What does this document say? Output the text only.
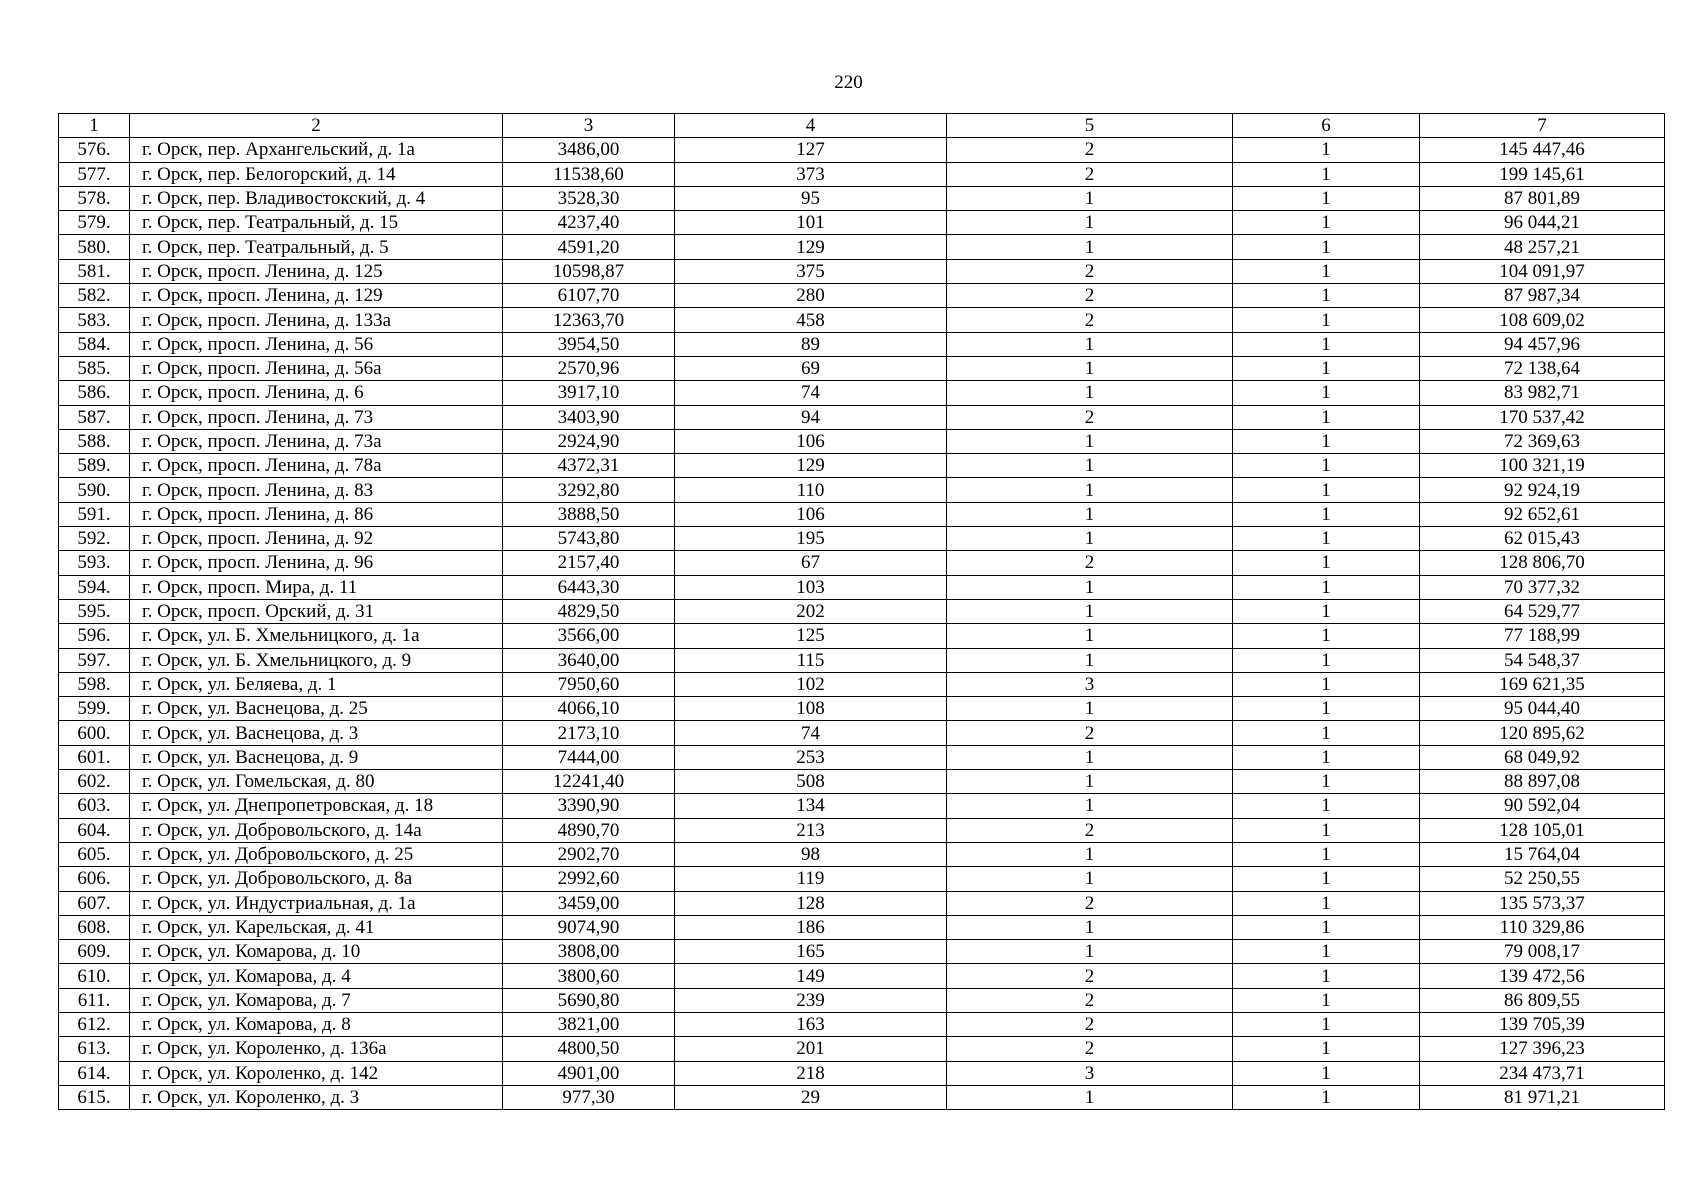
220
1	2	3	4	5	6	7
576.	г. Орск, пер. Архангельский, д. 1а	3486,00	127	2	1	145 447,46
577.	г. Орск, пер. Белогорский, д. 14	11538,60	373	2	1	199 145,61
578.	г. Орск, пер. Владивостокский, д. 4	3528,30	95	1	1	87 801,89
579.	г. Орск, пер. Театральный, д. 15	4237,40	101	1	1	96 044,21
580.	г. Орск, пер. Театральный, д. 5	4591,20	129	1	1	48 257,21
581.	г. Орск, просп. Ленина, д. 125	10598,87	375	2	1	104 091,97
582.	г. Орск, просп. Ленина, д. 129	6107,70	280	2	1	87 987,34
583.	г. Орск, просп. Ленина, д. 133а	12363,70	458	2	1	108 609,02
584.	г. Орск, просп. Ленина, д. 56	3954,50	89	1	1	94 457,96
585.	г. Орск, просп. Ленина, д. 56а	2570,96	69	1	1	72 138,64
586.	г. Орск, просп. Ленина, д. 6	3917,10	74	1	1	83 982,71
587.	г. Орск, просп. Ленина, д. 73	3403,90	94	2	1	170 537,42
588.	г. Орск, просп. Ленина, д. 73а	2924,90	106	1	1	72 369,63
589.	г. Орск, просп. Ленина, д. 78а	4372,31	129	1	1	100 321,19
590.	г. Орск, просп. Ленина, д. 83	3292,80	110	1	1	92 924,19
591.	г. Орск, просп. Ленина, д. 86	3888,50	106	1	1	92 652,61
592.	г. Орск, просп. Ленина, д. 92	5743,80	195	1	1	62 015,43
593.	г. Орск, просп. Ленина, д. 96	2157,40	67	2	1	128 806,70
594.	г. Орск, просп. Мира, д. 11	6443,30	103	1	1	70 377,32
595.	г. Орск, просп. Орский, д. 31	4829,50	202	1	1	64 529,77
596.	г. Орск, ул. Б. Хмельницкого, д. 1а	3566,00	125	1	1	77 188,99
597.	г. Орск, ул. Б. Хмельницкого, д. 9	3640,00	115	1	1	54 548,37
598.	г. Орск, ул. Беляева, д. 1	7950,60	102	3	1	169 621,35
599.	г. Орск, ул. Васнецова, д. 25	4066,10	108	1	1	95 044,40
600.	г. Орск, ул. Васнецова, д. 3	2173,10	74	2	1	120 895,62
601.	г. Орск, ул. Васнецова, д. 9	7444,00	253	1	1	68 049,92
602.	г. Орск, ул. Гомельская, д. 80	12241,40	508	1	1	88 897,08
603.	г. Орск, ул. Днепропетровская, д. 18	3390,90	134	1	1	90 592,04
604.	г. Орск, ул. Добровольского, д. 14а	4890,70	213	2	1	128 105,01
605.	г. Орск, ул. Добровольского, д. 25	2902,70	98	1	1	15 764,04
606.	г. Орск, ул. Добровольского, д. 8а	2992,60	119	1	1	52 250,55
607.	г. Орск, ул. Индустриальная, д. 1а	3459,00	128	2	1	135 573,37
608.	г. Орск, ул. Карельская, д. 41	9074,90	186	1	1	110 329,86
609.	г. Орск, ул. Комарова, д. 10	3808,00	165	1	1	79 008,17
610.	г. Орск, ул. Комарова, д. 4	3800,60	149	2	1	139 472,56
611.	г. Орск, ул. Комарова, д. 7	5690,80	239	2	1	86 809,55
612.	г. Орск, ул. Комарова, д. 8	3821,00	163	2	1	139 705,39
613.	г. Орск, ул. Короленко, д. 136а	4800,50	201	2	1	127 396,23
614.	г. Орск, ул. Короленко, д. 142	4901,00	218	3	1	234 473,71
615.	г. Орск, ул. Короленко, д. 3	977,30	29	1	1	81 971,21
